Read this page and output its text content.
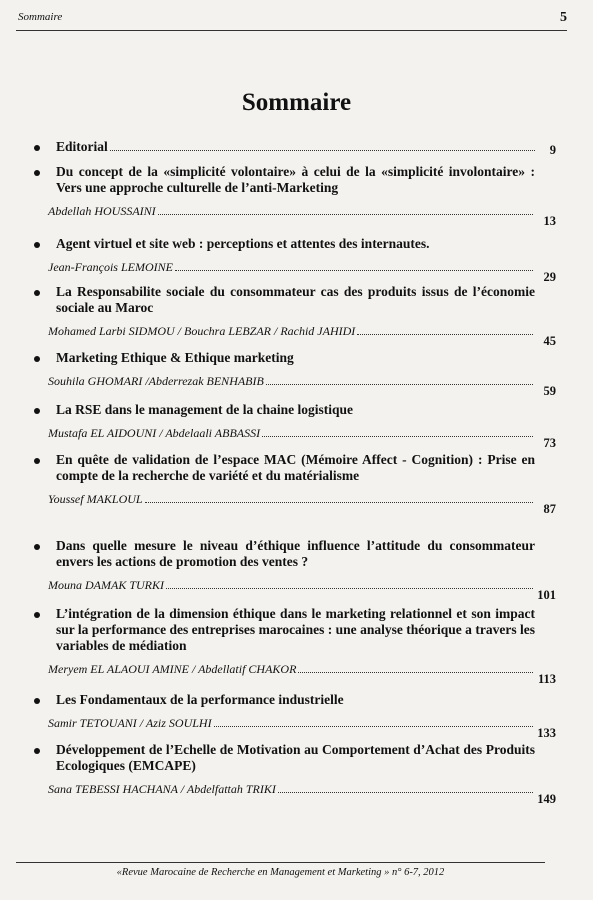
Sommaire	5
Sommaire
Editorial	9
Du concept de la «simplicité volontaire» à celui de la «simplicité involontaire» : Vers une approche culturelle de l’anti-Marketing
Abdellah HOUSSAINI
13
Agent virtuel et site web : perceptions et attentes des internautes.
Jean-François LEMOINE
29
La Responsabilite sociale du consommateur cas des produits issus de l’économie sociale au Maroc
Mohamed Larbi SIDMOU / Bouchra LEBZAR / Rachid JAHIDI
45
Marketing Ethique & Ethique marketing
Souhila GHOMARI /Abderrezak BENHABIB
59
La RSE dans le management de la chaine logistique
Mustafa EL AIDOUNI / Abdelaali ABBASSI
73
En quête de validation de l’espace MAC (Mémoire Affect - Cognition) : Prise en compte de la recherche de variété et du matérialisme
Youssef MAKLOUL
87
Dans quelle mesure le niveau d’éthique influence l’attitude du consommateur envers les actions de promotion des ventes ?
Mouna DAMAK TURKI
101
L’intégration de la dimension éthique dans le marketing relationnel et son impact sur la performance des entreprises marocaines : une analyse théorique a travers les variables de médiation
Meryem EL ALAOUI AMINE / Abdellatif CHAKOR
113
Les Fondamentaux de la performance industrielle
Samir TETOUANI / Aziz SOULHI
133
Développement de l’Echelle de Motivation au Comportement d’Achat des Produits Ecologiques (EMCAPE)
Sana TEBESSI HACHANA / Abdelfattah TRIKI
149
«Revue Marocaine de Recherche en Management et Marketing » n° 6-7, 2012
